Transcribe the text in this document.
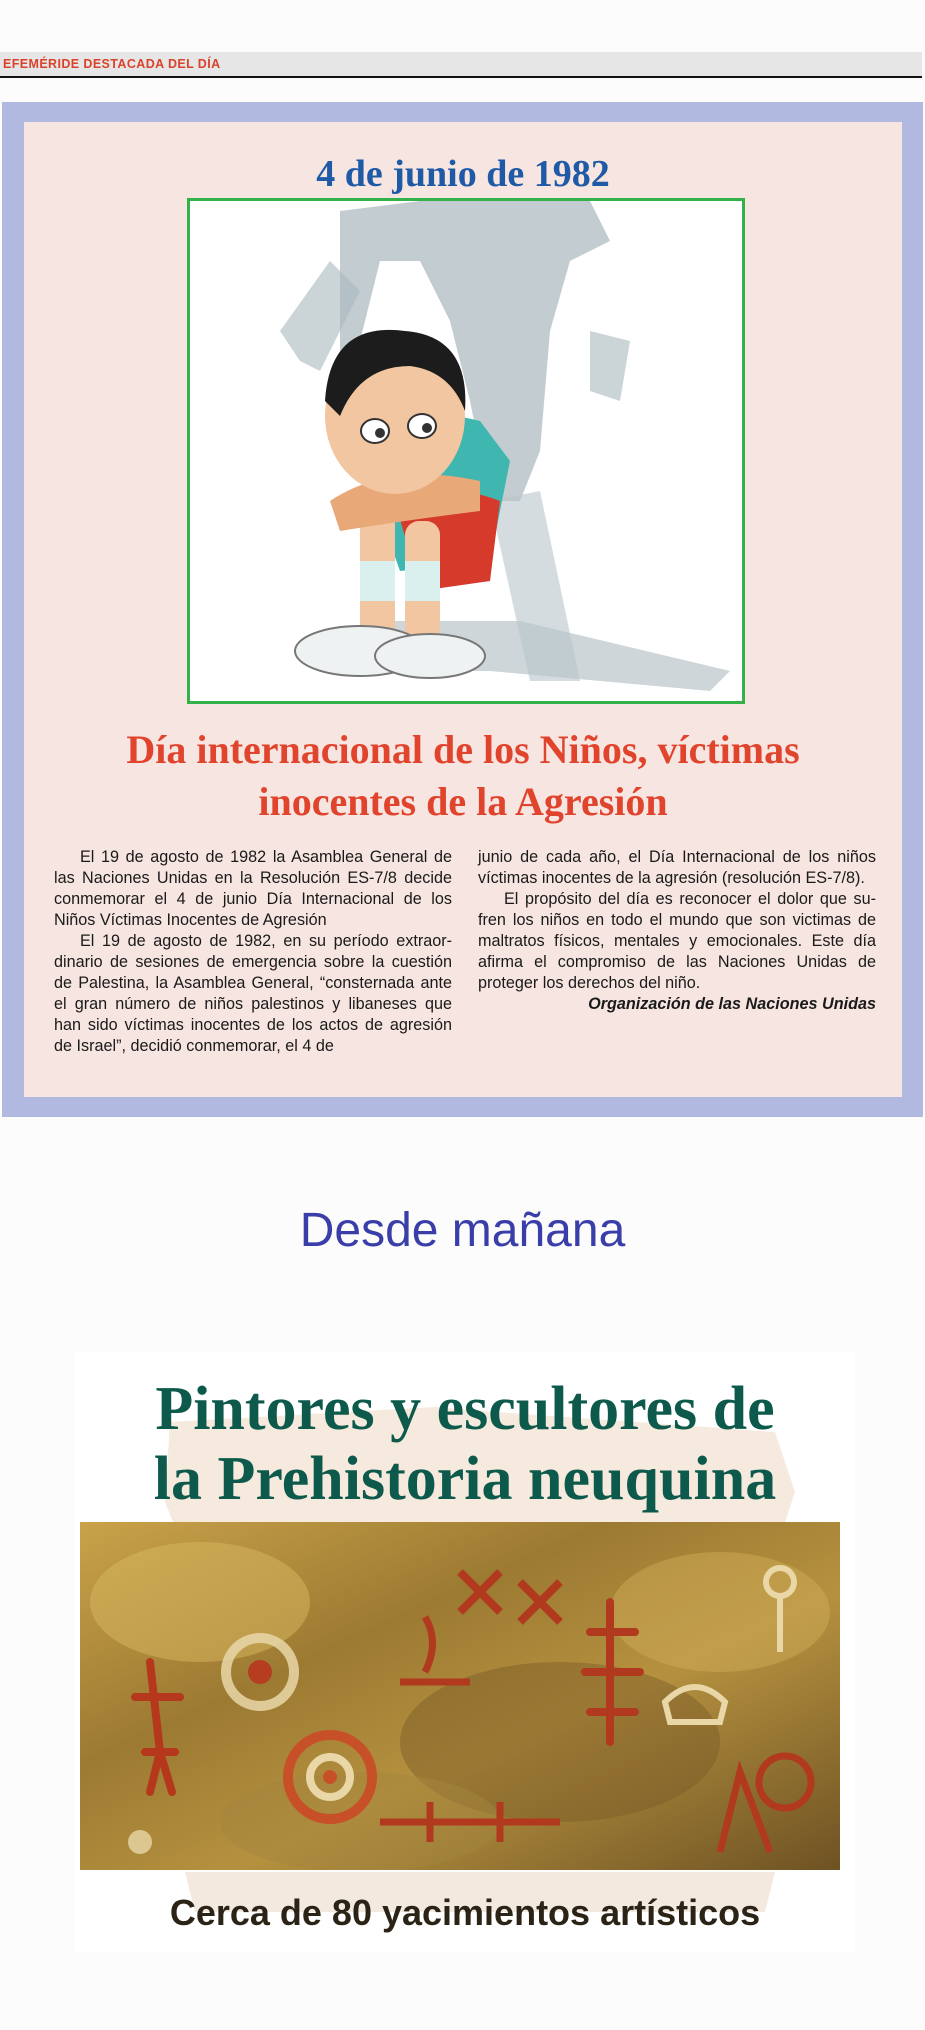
EFEMÉRIDE DESTACADA DEL DÍA
4 de junio de 1982
Día internacional de los Niños, víctimas
inocentes de la Agresión

El 19 de agosto de 1982 la Asamblea General de las Naciones Unidas en la Resolución ES-7/8 decide conmemorar el 4 de junio Día Internacional de los Niños Víctimas Inocentes de Agresión

El 19 de agosto de 1982, en su período extraor-dinario de sesiones de emergencia sobre la cuestión de Palestina, la Asamblea General, “consternada ante el gran número de niños palestinos y libaneses que han sido víctimas inocentes de los actos de agresión de Israel”, decidió conmemorar, el 4 de

junio de cada año, el Día Internacional de los niños víctimas inocentes de la agresión (resolución ES-7/8).

El propósito del día es reconocer el dolor que su-fren los niños en todo el mundo que son victimas de maltratos físicos, mentales y emocionales. Este día afirma el compromiso de las Naciones Unidas de proteger los derechos del niño.

Organización de las Naciones Unidas

Desde mañana
Pintores y escultores de
la Prehistoria neuquina
Cerca de 80 yacimientos artísticos
